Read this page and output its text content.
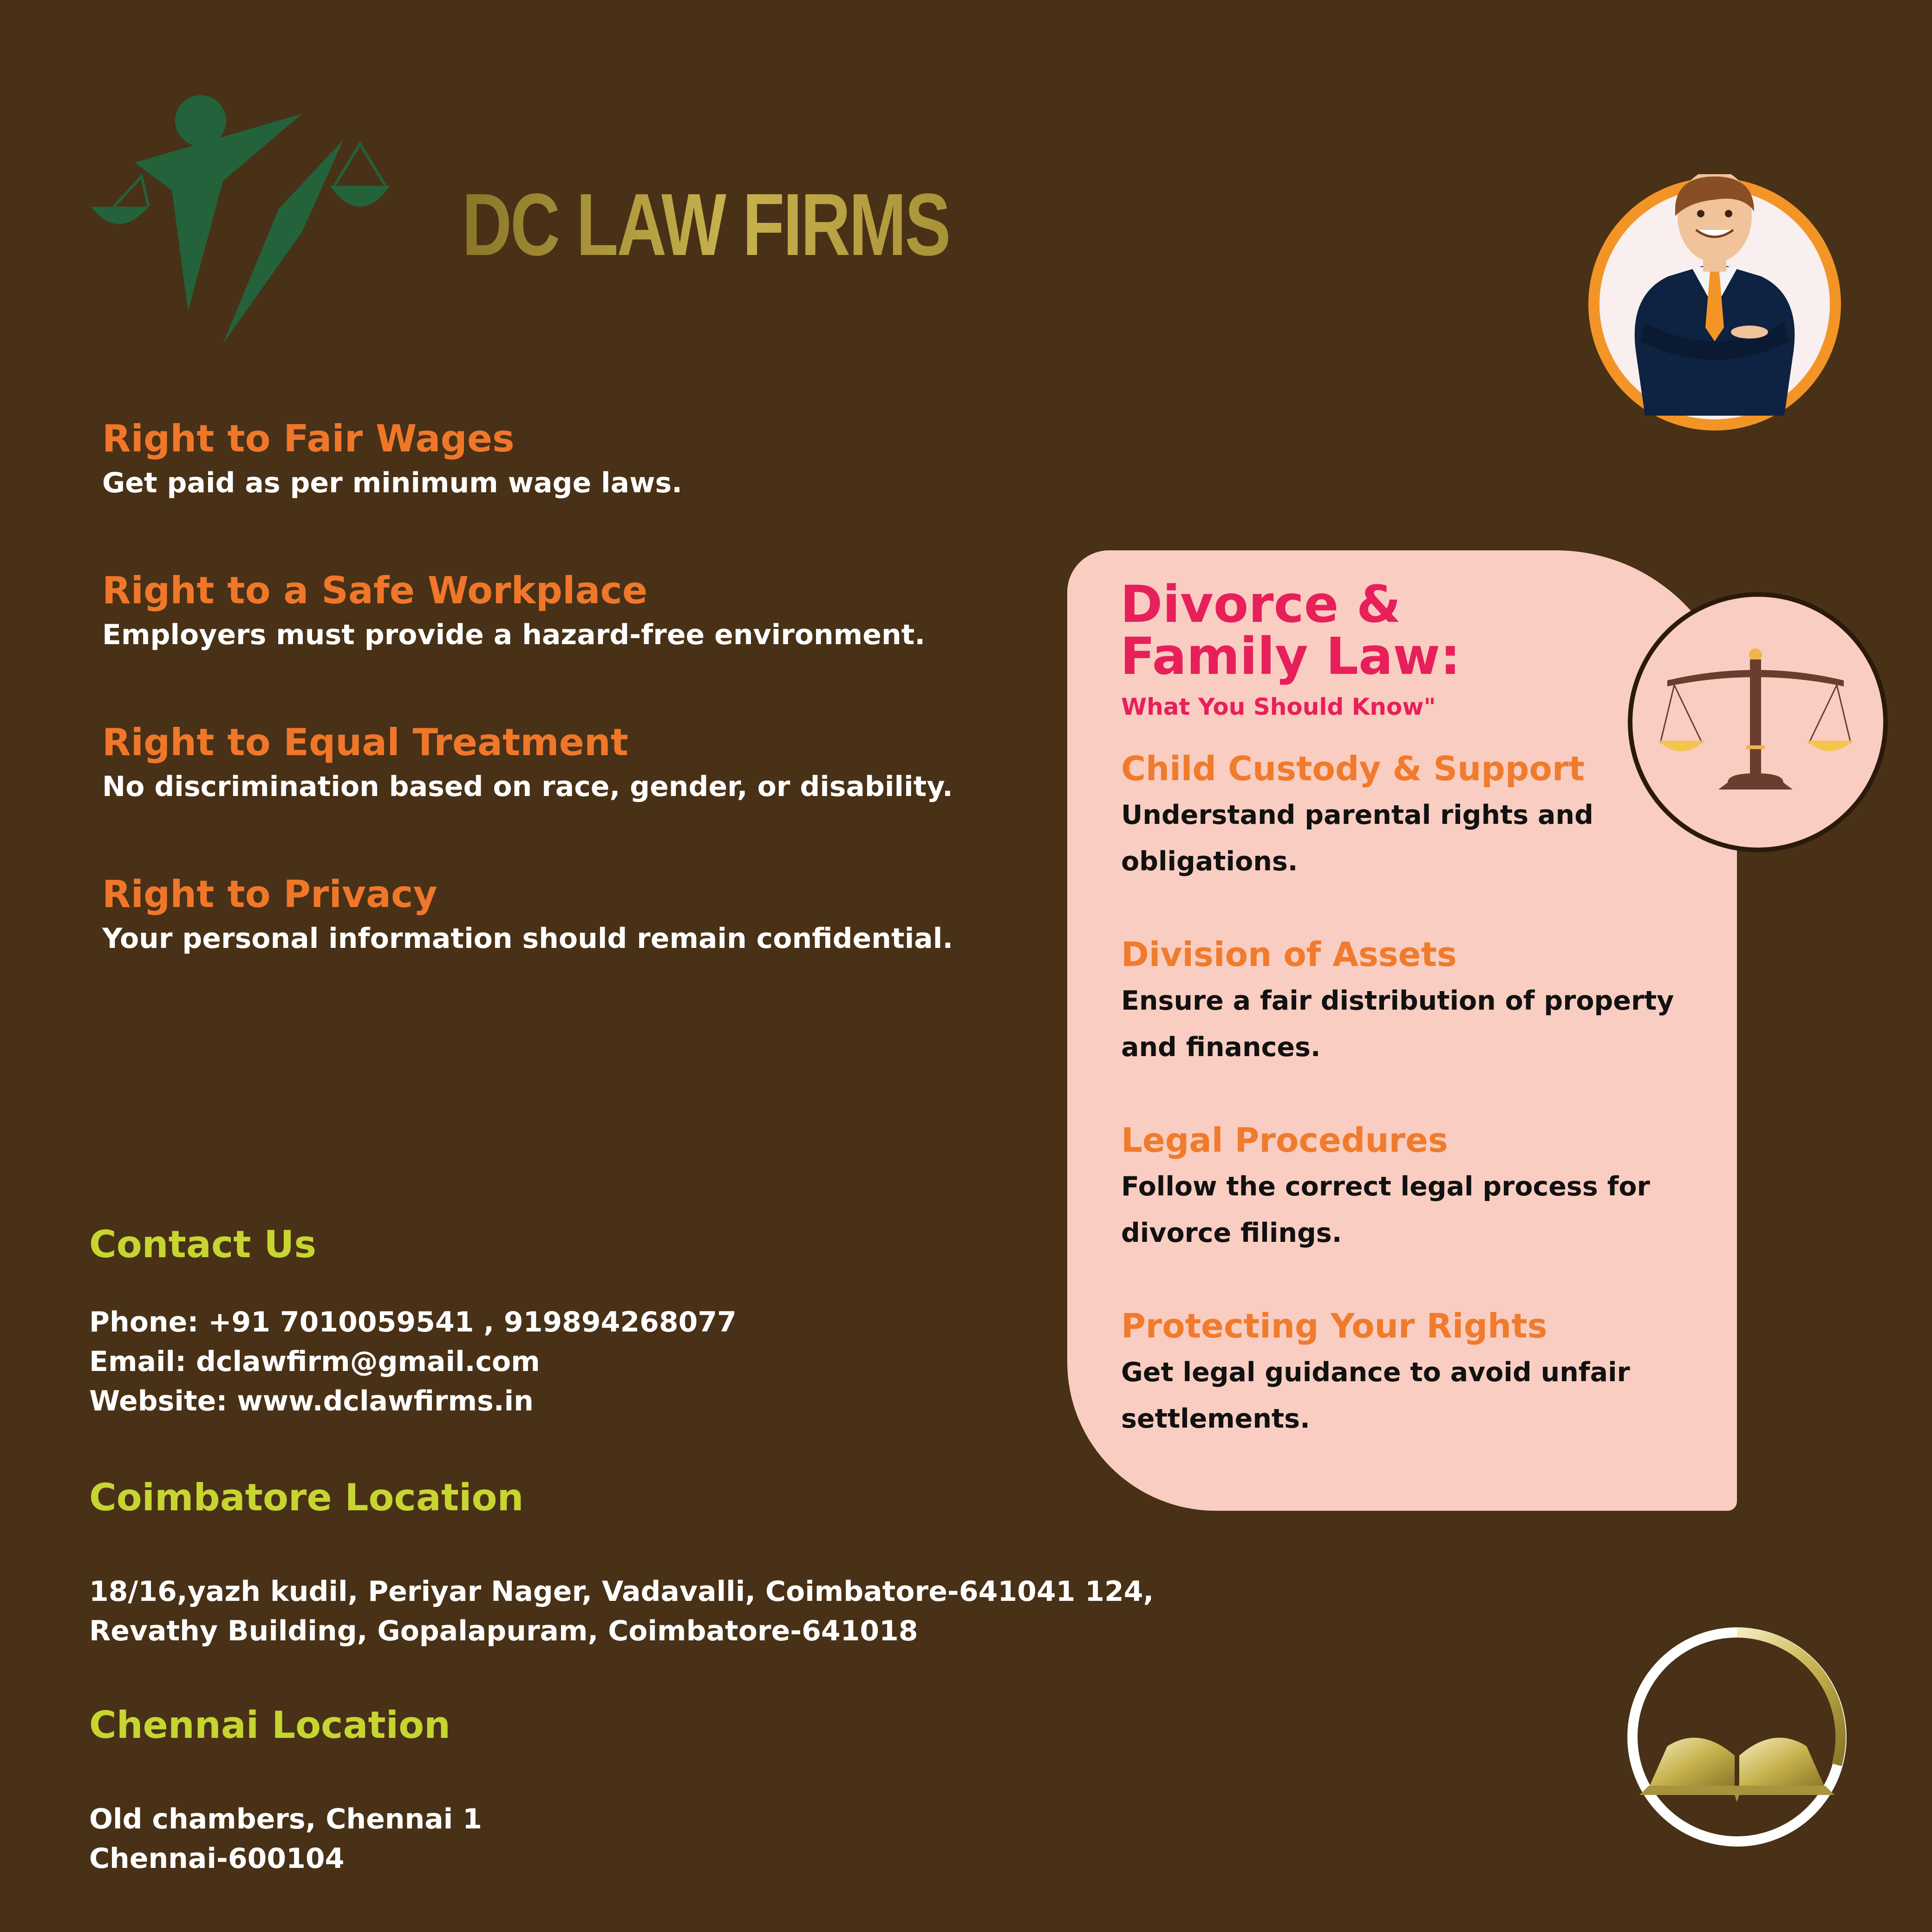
DC LAW FIRMS
Right to Fair Wages
Get paid as per minimum wage laws.
Right to a Safe Workplace
Employers must provide a hazard-free environment.
Right to Equal Treatment
No discrimination based on race, gender, or disability.
Right to Privacy
Your personal information should remain confidential.
Divorce &
Family Law:
What You Should Know"
Child Custody & Support
Understand parental rights and obligations.
Division of Assets
Ensure a fair distribution of property and finances.
Legal Procedures
Follow the correct legal process for divorce filings.
Protecting Your Rights
Get legal guidance to avoid unfair settlements.
Contact Us
Phone: +91 7010059541 , 919894268077
Email: dclawfirm@gmail.com
Website: www.dclawfirms.in
Coimbatore Location
18/16,yazh kudil, Periyar Nager, Vadavalli, Coimbatore-641041 124,
Revathy Building, Gopalapuram, Coimbatore-641018
Chennai Location
Old chambers, Chennai 1
Chennai-600104
